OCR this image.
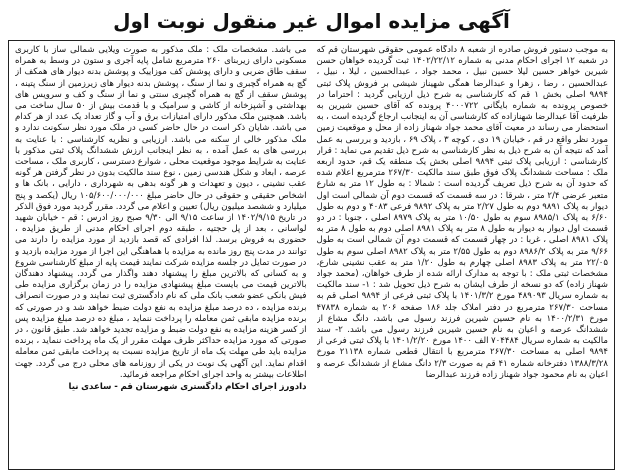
آگهی مزایده اموال غیر منقول نوبت اول
به موجب دستور فروش صادره از شعبه ۸ دادگاه عمومی حقوقی شهرستان قم که در شعبه ۱۲ اجرای احکام مدنی به شماره ۱۴۰۲/۲۲/۱۲ ثبت گردیده خواهان حسن شیرین خواهر حسین لیلا حسین نبیل ، محمد جواد ، عبدالحسین ، لیلا ، نبیل ، عبدالحسین ، رضا ، زهرا و عبدالرضا همگی شهیناز شیشی بر فروش پلاک ثبتی ۹۸۹۴ اصلی بخش ۱ قم که کارشناسی به شرح ذیل ارزیابی گردید : احتراما در خصوص پرونده به شماره بایگانی ۴۰۰۰۷۲۲ پرونده که آقای حسین شیرین به ظرفیت آقا عبدالرضا شهنازاده که کارشناسی آن به اینجانب ارجاع گردیده است ، به استحضار می رساند در معیت آقای محمد جواد شهناز زاده از محل و موقعیت زمین مورد نظر واقع در قم ، خیابان ۱۹ دی ، کوچه ۳ ، پلاک ۶۹ ، بازدید و بررسی به عمل آمد که نتیجه آن به شرح ذیل به نظر کارشناسی به شرح ذیل تقدیم می نماید : قرار کارشناسی : ارزیابی پلاک ثبتی ۹۸۹۴ اصلی بخش یک منطقه یک قم، حدود اربعه ملک : مساحت ششدانگ پلاک فوق طبق سند مالکیت ۲۶۷/۳۰ مترمربع اعلام شده که حدود آن به شرح ذیل تعریف گردیده است : شمالا : به طول ۱۲ متر به شارع متعبر عرضی ۲/۴ متر ، شرقا : در سه قسمت که قسمت دوم آن شمالی است اول دیوار به پلاک ۹۸۹۱ دوم به طول ۲/۲۷ متر به پلاک ۹۸۹۲ فرعی ۴۰۸۳ و دوم به طول ۶/۶۰ به پلاک ۸۹۸۵/۱ سوم به طول ۱۰/۵۰ متر به پلاک ۸۹۷۹ اصلی ، جنوبا : در دو قسمت اول دیوار به دیوار به طول ۸ متر به پلاک ۸۹۸۱ اصلی دوم به طول ۸ متر به پلاک ۸۹۸۱ اصلی ، غربا : در چهار قسمت که قسمت دوم آن شمالی است به طول ۹/۶۶ متر به پلاک ۸۹۸۶/۲ دوم به طول ۲/۵۵ متر به پلاک ۸۹۸۲ اصلی سوم به طول ۲۲/۰۵ متر به پلاک ۸۹۸۳ اصلی چهارم به طول ۱/۲۰ متر به عقب نشینی شارع، مشخصات ثبتی ملک : با توجه به مدارک ارائه شده از طرف خواهان، (محمد جواد شهناز زاده) که دو نسخه از طرف ایشان به شرح ذیل تحویل شد : ۱- سند مالکیت به شماره سریال ۴۸۹۰۹۳ مورخ ۱۴۰۱/۳/۲ با پلاک ثبتی فرعی از ۹۸۹۴ اصلی قم به مساحت ۲۶۷/۳۰ مترمربع در دفتر املاک جلد ۱۸۶ صفحه ۲۰۶ به شماره ۴۷۸۳۸ مورخ ۱۴۰۰/۲/۳۱ به نام حسین شیرین فرزند رسول می باشد، دانگ مشاع از ششدانگ عرصه و اعیان به نام حسین شیرین فرزند رسول می باشد. ۲- سند مالکیت به شماره سریال ۷۰۴۴۸۴ الف ۱۴۰۰ مورخ ۱۴۰۱/۲/۲۰ با پلاک ثبتی فرعی از ۹۸۹۴ اصلی به مساحت ۲۶۷/۳۰ مترمربع با انتقال قطعی شماره ۲۱۱۳۸ مورخ ۱۳۸۸/۳/۲۸ دفترخانه شماره ۴۱ قم به صورت ۲/۳ دانگ مشاع از ششدانگ عرصه و اعیان به نام محمود جواد شهناز زاده فرزند عبدالرضا
می باشد. مشخصات ملک : ملک مذکور به صورت ویلایی شمالی ساز با کاربری مسکونی دارای زیربنای ۲۶۰ مترمربع شامل پایه آجری و ستون در وسط به همراه سقف طاق ضربی و دارای پوشش کف موزاییک و پوشش بدنه دیوار های همکف از گچ به همراه گچبری و نما از سنگ ، پوشش بدنه دیوار های زیرزمین از سنگ پتینه ، پوشش سقف از گچ به همراه گچبری سنتی و نما از سنگ و کف و سرویس های بهداشتی و آشپزخانه از کاشی و سرامیک و با قدمت بیش از ۵۰ سال ساخت می باشد. همچنین ملک مذکور دارای امتیازات برق و آب و گاز تعداد یک عدد از هر کدام می باشد. شایان ذکر است در حال حاضر کسی در ملک مورد نظر سکونت ندارد و ملک مذکور خالی از سکنه می باشد. ارزیابی و نظریه کارشناسی : با عنایت به بررسی های به عمل آمده ، به نظر اینجانب ارزش ششدانگ پلاک ثبتی مذکور با عنایت به شرایط موجود موقعیت محلی ، شوارع دسترسی ، کاربری ملک ، مساحت عرصه ، ابعاد و شکل هندسی زمین ، نوع سند مالکیت بدون در نظر گرفتن هر گونه عقب نشینی ، دیون و تعهدات و هر گونه بدهی به شهرداری ، دارایی ، بانک ها و اشخاص حقیقی و حقوقی در حال حاضر مبلغ ۱۰۵/۶۰۰/۰۰۰/۰۰۰ ریال (یکصد و پنج میلیارد و ششصد میلیون ریال) تعیین و اعلام می گردد. مقرر گردید مورد فوق الذکر در تاریخ ۱۴۰۲/۹/۱۵ از ساعت ۹/۱۵ الی ۹/۳۰ صبح روز ادرس : قم - خیابان شهید لواسانی ، بعد از پل حجتیه ، طبقه دوم اجرای احکام مدنی از طریق مزایده ، حضوری به فروش برسد. لذا افرادی که قصد بازدید از مورد مزایده را دارند می توانند در مدت پنج روز مانده به مزایده با هماهنگی این اجرا از مورد مزایده بازدید و در صورت تمایل در جلسه مزایده شرکت نمایند قیمت پایه از مبلغ کارشناسی شروع و به کسانی که بالاترین مبلغ را پیشنهاد دهند واگذار می گردد. پیشنهاد دهندگان بالاترین قیمت می بایست مبلغ پیشنهادی مزایده را در زمان برگزاری مزایده طی فیش بانکی عضو شعب بانک ملی که نام دادگستری ثبت نمایند و در صورت انصراف برنده مزایده ، ده درصد مبلغ مزایده به نفع دولت ضبط خواهد شد و در صورتی که برنده مزایده مابقی ثمن معامله را پرداخت ننماید ، مبلغ ده درصد مبلغ مزایده پس از کسر هزینه مزایده به نفع دولت ضبط و مزایده تجدید خواهد شد. طبق قانون ، در صورتی که مورد مزایده حداکثر ظرف مهلت مقرر از یک ماه پرداخت ننماید ، برنده مزایده باید طی مهلت یک ماه از تاریخ مزایده نسبت به پرداخت مابقی ثمن معامله اقدام نماید. این آگهی یک نوبت در یکی از روزنامه های محلی درج می گردد. جهت اطلاعات بیشتر به واحد اجرای احکام مراجعه فرمائید.
دادورز اجرای احکام دادگستری شهرستان قم - ساعدی نیا
